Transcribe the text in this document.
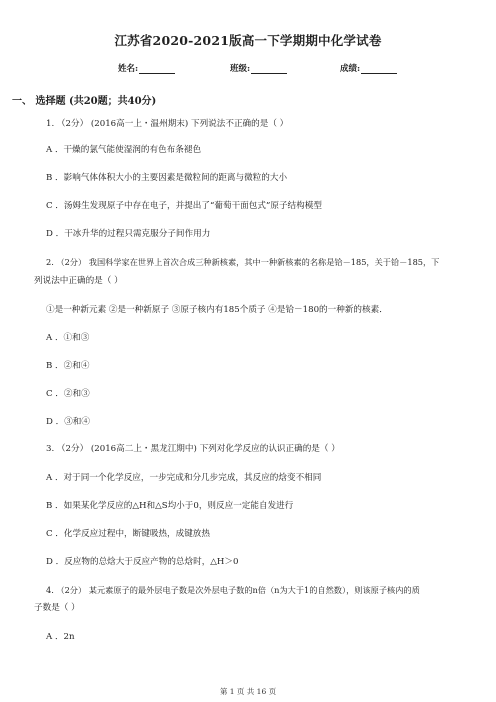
江苏省2020-2021版高一下学期期中化学试卷
姓名:	班级:	成绩:
一、 选择题 (共20题；共40分)
1. （2分） (2016高一上・温州期末) 下列说法不正确的是（ ）
A ．干燥的氯气能使湿润的有色布条褪色
B ．影响气体体积大小的主要因素是微粒间的距离与微粒的大小
C ．汤姆生发现原子中存在电子，并提出了“葡萄干面包式”原子结构模型
D ．干冰升华的过程只需克服分子间作用力
2. （2分） 我国科学家在世界上首次合成三种新核素，其中一种新核素的名称是铪－185，关于铪－185，下
列说法中正确的是（ ）
①是一种新元素 ②是一种新原子 ③原子核内有185个质子 ④是铪－180的一种新的核素．
A ．①和③
B ．②和④
C ．②和③
D ．③和④
3. （2分） (2016高二上・黑龙江期中) 下列对化学反应的认识正确的是（ ）
A ．对于同一个化学反应，一步完成和分几步完成，其反应的焓变不相同
B ．如果某化学反应的△H和△S均小于0，则反应一定能自发进行
C ．化学反应过程中，断键吸热，成键放热
D ．反应物的总焓大于反应产物的总焓时，△H＞0
4. （2分） 某元素原子的最外层电子数是次外层电子数的n倍（n为大于1的自然数），则该原子核内的质
子数是（ ）
A ．2n
第 1 页 共 16 页
